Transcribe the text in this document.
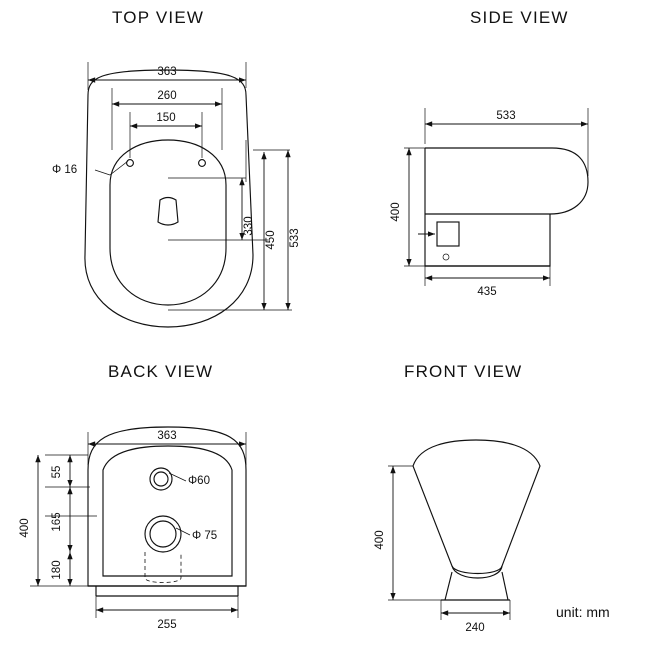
TOP VIEW	SIDE VIEW
BACK VIEW	FRONT VIEW
unit: mm
363
260
150
Φ 16
330
450 533
533
400
435
363
55
165
180
400
Φ60
Φ 75
255
400
240
